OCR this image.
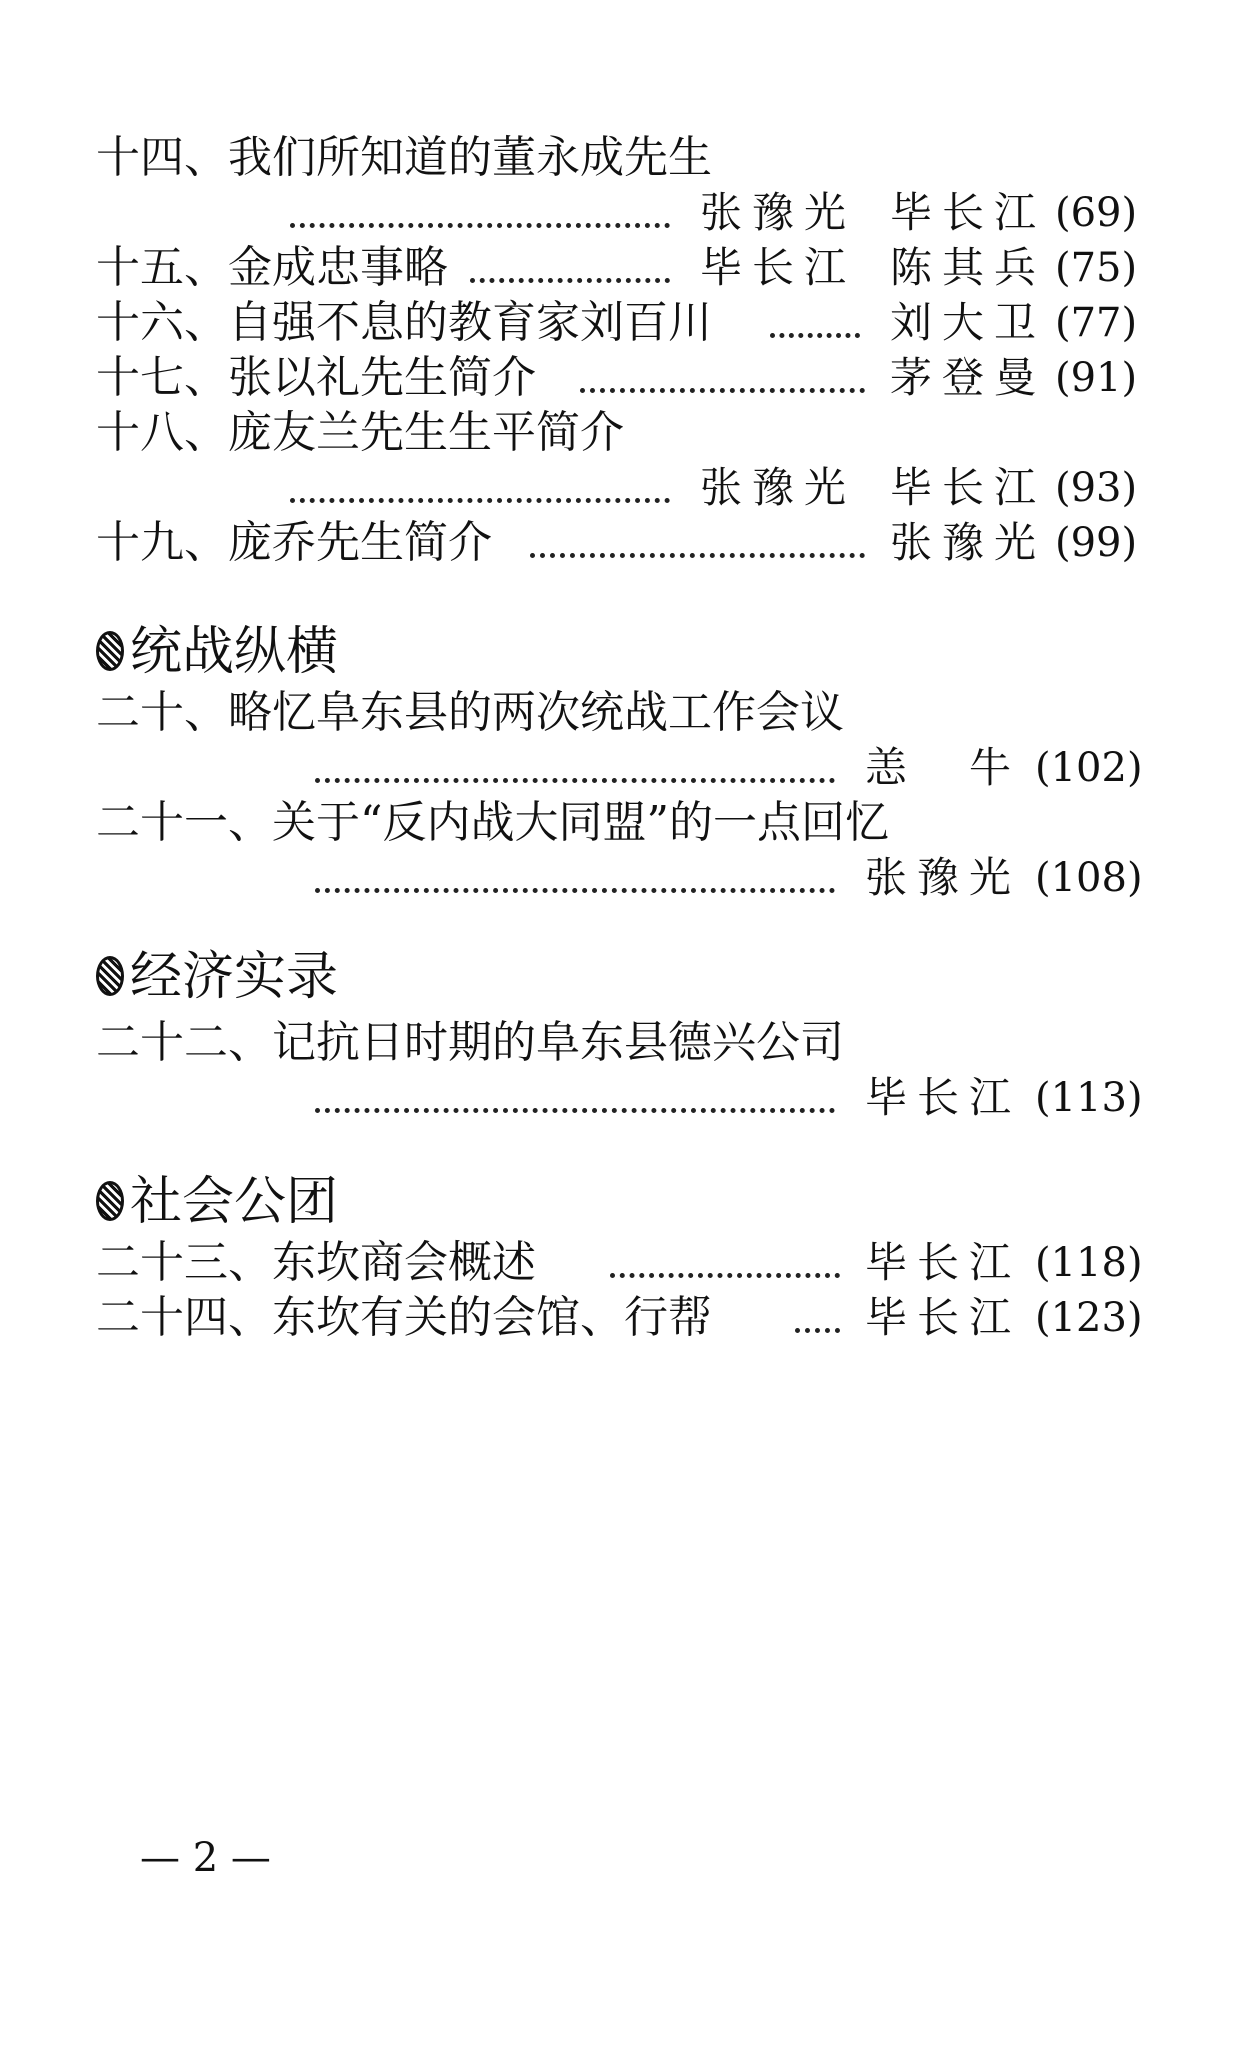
十四、我们所知道的董永成先生
张豫光 毕长江 (69)
十五、金成忠事略	毕长江 陈其兵 (75)
十六、自强不息的教育家刘百川	刘大卫 (77)
十七、张以礼先生简介	茅登曼 (91)
十八、庞友兰先生生平简介
张豫光 毕长江 (93)
十九、庞乔先生简介	张豫光 (99)
统战纵横
二十、略忆阜东县的两次统战工作会议
恙　牛 (102)
二十一、关于“反内战大同盟”的一点回忆
张豫光 (108)
经济实录
二十二、记抗日时期的阜东县德兴公司
毕长江 (113)
社会公团
二十三、东坎商会概述	毕长江 (118)
二十四、东坎有关的会馆、行帮	毕长江 (123)
— 2 —
